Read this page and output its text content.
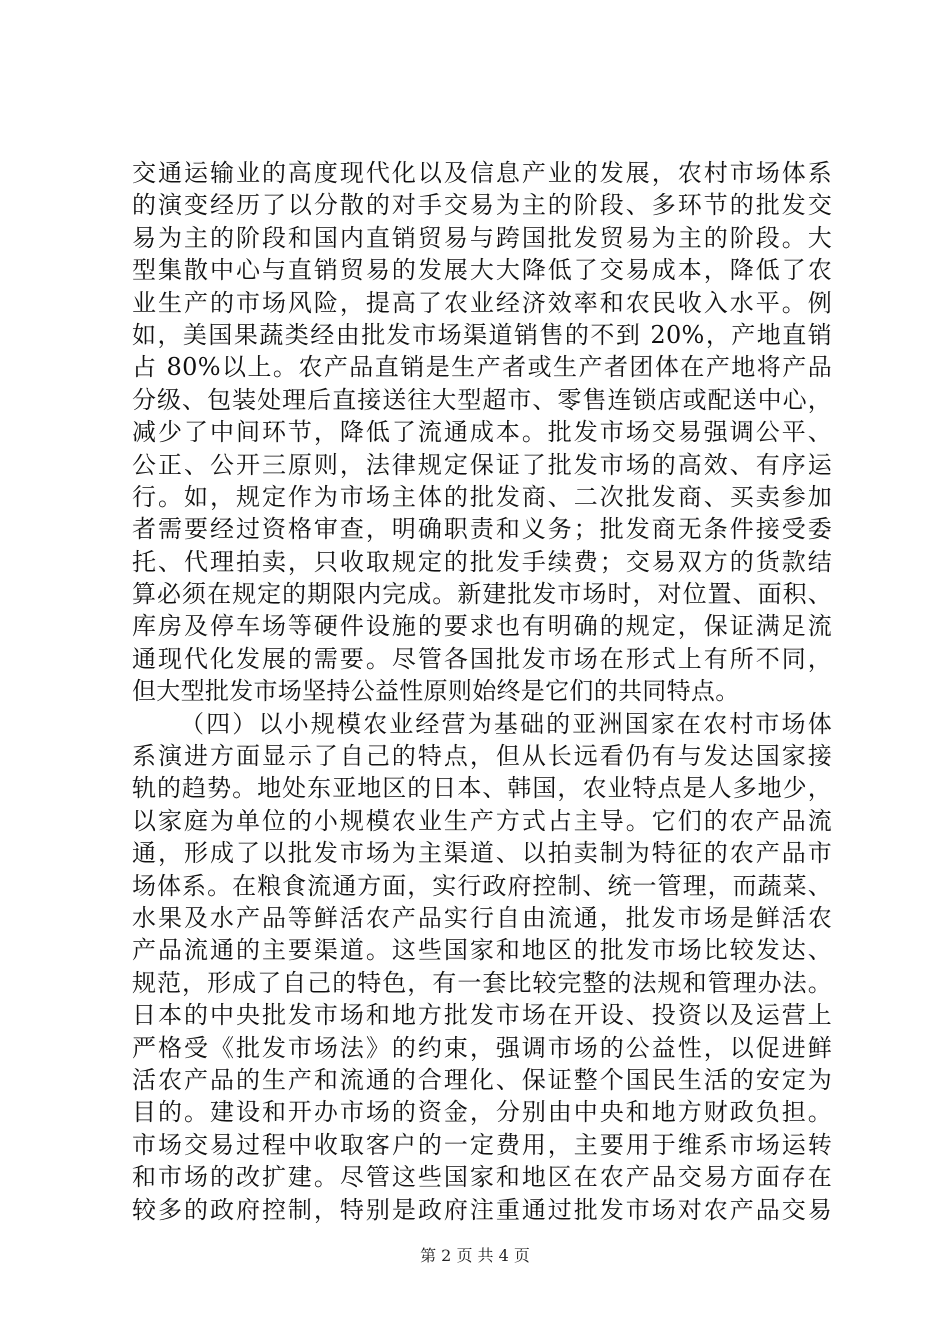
交通运输业的高度现代化以及信息产业的发展，农村市场体系
的演变经历了以分散的对手交易为主的阶段、多环节的批发交
易为主的阶段和国内直销贸易与跨国批发贸易为主的阶段。大
型集散中心与直销贸易的发展大大降低了交易成本，降低了农
业生产的市场风险，提高了农业经济效率和农民收入水平。例
如，美国果蔬类经由批发市场渠道销售的不到 20%，产地直销
占 80%以上。农产品直销是生产者或生产者团体在产地将产品
分级、包装处理后直接送往大型超市、零售连锁店或配送中心，
减少了中间环节，降低了流通成本。批发市场交易强调公平、
公正、公开三原则，法律规定保证了批发市场的高效、有序运
行。如，规定作为市场主体的批发商、二次批发商、买卖参加
者需要经过资格审查，明确职责和义务；批发商无条件接受委
托、代理拍卖，只收取规定的批发手续费；交易双方的货款结
算必须在规定的期限内完成。新建批发市场时，对位置、面积、
库房及停车场等硬件设施的要求也有明确的规定，保证满足流
通现代化发展的需要。尽管各国批发市场在形式上有所不同，
但大型批发市场坚持公益性原则始终是它们的共同特点。
（四）以小规模农业经营为基础的亚洲国家在农村市场体
系演进方面显示了自己的特点，但从长远看仍有与发达国家接
轨的趋势。地处东亚地区的日本、韩国，农业特点是人多地少，
以家庭为单位的小规模农业生产方式占主导。它们的农产品流
通，形成了以批发市场为主渠道、以拍卖制为特征的农产品市
场体系。在粮食流通方面，实行政府控制、统一管理，而蔬菜、
水果及水产品等鲜活农产品实行自由流通，批发市场是鲜活农
产品流通的主要渠道。这些国家和地区的批发市场比较发达、
规范，形成了自己的特色，有一套比较完整的法规和管理办法。
日本的中央批发市场和地方批发市场在开设、投资以及运营上
严格受《批发市场法》的约束，强调市场的公益性，以促进鲜
活农产品的生产和流通的合理化、保证整个国民生活的安定为
目的。建设和开办市场的资金，分别由中央和地方财政负担。
市场交易过程中收取客户的一定费用，主要用于维系市场运转
和市场的改扩建。尽管这些国家和地区在农产品交易方面存在
较多的政府控制，特别是政府注重通过批发市场对农产品交易
第 2 页 共 4 页
